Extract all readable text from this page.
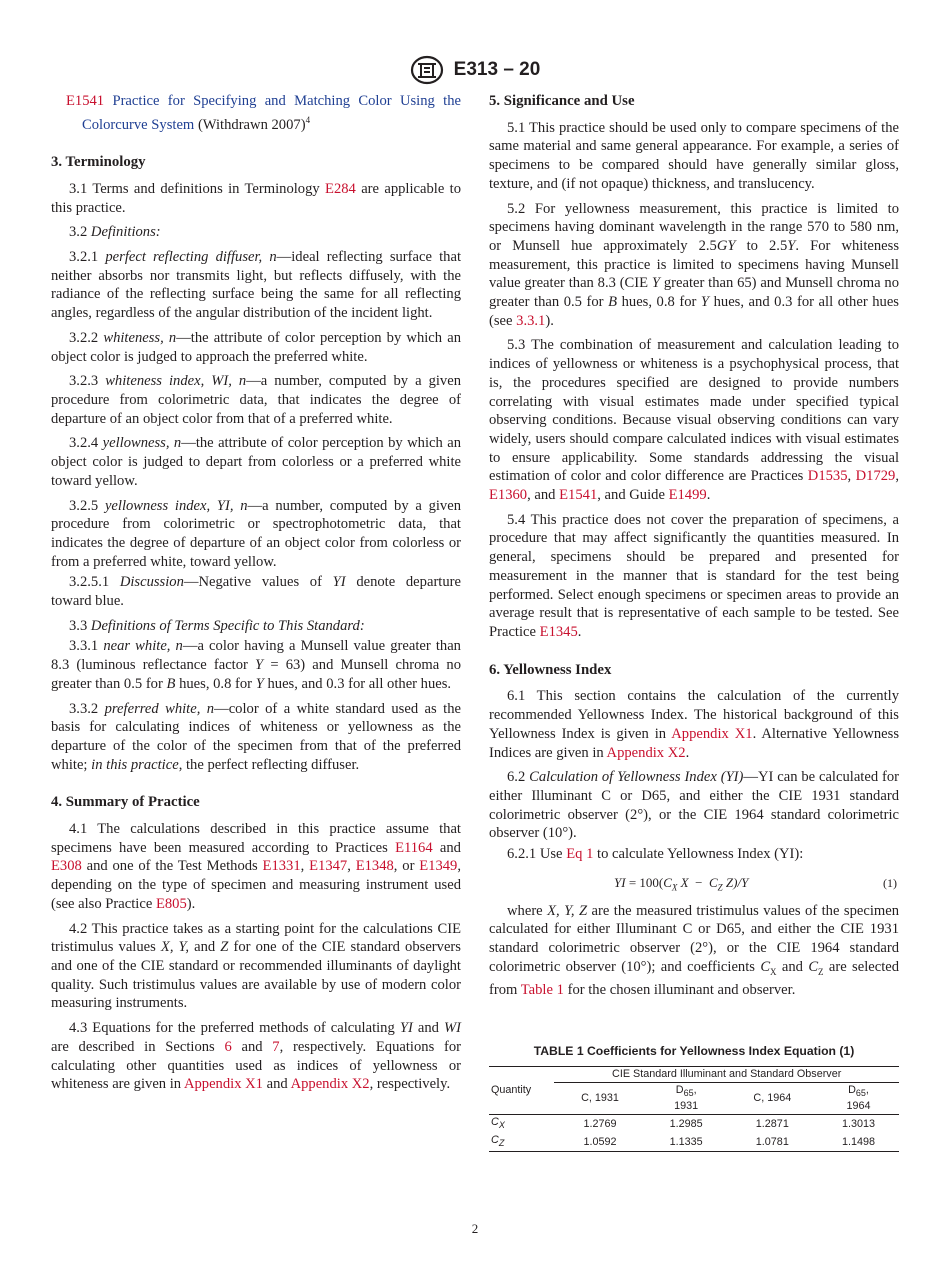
E313 – 20

E1541 Practice for Specifying and Matching Color Using the Colorcurve System (Withdrawn 2007)$^4$

3. Terminology

3.1 Terms and definitions in Terminology E284 are applicable to this practice.

3.2 Definitions:

3.2.1 perfect reflecting diffuser, n—ideal reflecting surface that neither absorbs nor transmits light, but reflects diffusely, with the radiance of the reflecting surface being the same for all reflecting angles, regardless of the angular distribution of the incident light.

3.2.2 whiteness, n—the attribute of color perception by which an object color is judged to approach the preferred white.

3.2.3 whiteness index, WI, n—a number, computed by a given procedure from colorimetric data, that indicates the degree of departure of an object color from that of a preferred white.

3.2.4 yellowness, n—the attribute of color perception by which an object color is judged to depart from colorless or a preferred white toward yellow.

3.2.5 yellowness index, YI, n—a number, computed by a given procedure from colorimetric or spectrophotometric data, that indicates the degree of departure of an object color from colorless or from a preferred white, toward yellow.

3.2.5.1 Discussion—Negative values of YI denote departure toward blue.

3.3 Definitions of Terms Specific to This Standard:

3.3.1 near white, n—a color having a Munsell value greater than 8.3 (luminous reflectance factor Y = 63) and Munsell chroma no greater than 0.5 for B hues, 0.8 for Y hues, and 0.3 for all other hues.

3.3.2 preferred white, n—color of a white standard used as the basis for calculating indices of whiteness or yellowness as the departure of the color of the specimen from that of the preferred white; in this practice, the perfect reflecting diffuser.

4. Summary of Practice

4.1 The calculations described in this practice assume that specimens have been measured according to Practices E1164 and E308 and one of the Test Methods E1331, E1347, E1348, or E1349, depending on the type of specimen and measuring instrument used (see also Practice E805).

4.2 This practice takes as a starting point for the calculations CIE tristimulus values X, Y, and Z for one of the CIE standard observers and one of the CIE standard or recommended illuminants of daylight quality. Such tristimulus values are available by use of modern color measuring instruments.

4.3 Equations for the preferred methods of calculating YI and WI are described in Sections 6 and 7, respectively. Equations for calculating other quantities used as indices of yellowness or whiteness are given in Appendix X1 and Appendix X2, respectively.

5. Significance and Use

5.1 This practice should be used only to compare specimens of the same material and same general appearance. For example, a series of specimens to be compared should have generally similar gloss, texture, and (if not opaque) thickness, and translucency.

5.2 For yellowness measurement, this practice is limited to specimens having dominant wavelength in the range 570 to 580 nm, or Munsell hue approximately 2.5GY to 2.5Y. For whiteness measurement, this practice is limited to specimens having Munsell value greater than 8.3 (CIE Y greater than 65) and Munsell chroma no greater than 0.5 for B hues, 0.8 for Y hues, and 0.3 for all other hues (see 3.3.1).

5.3 The combination of measurement and calculation leading to indices of yellowness or whiteness is a psychophysical process, that is, the procedures specified are designed to provide numbers correlating with visual estimates made under specified typical observing conditions. Because visual observing conditions can vary widely, users should compare calculated indices with visual estimates to ensure applicability. Some standards addressing the visual estimation of color and color difference are Practices D1535, D1729, E1360, and E1541, and Guide E1499.

5.4 This practice does not cover the preparation of specimens, a procedure that may affect significantly the quantities measured. In general, specimens should be prepared and presented for measurement in the manner that is standard for the test being performed. Select enough specimens or specimen areas to provide an average result that is representative of each sample to be tested. See Practice E1345.

6. Yellowness Index

6.1 This section contains the calculation of the currently recommended Yellowness Index. The historical background of this Yellowness Index is given in Appendix X1. Alternative Yellowness Indices are given in Appendix X2.

6.2 Calculation of Yellowness Index (YI)—YI can be calculated for either Illuminant C or D65, and either the CIE 1931 standard colorimetric observer (2°), or the CIE 1964 standard colorimetric observer (10°).

6.2.1 Use Eq 1 to calculate Yellowness Index (YI):

YI = $100(C_X$ $X - C_Z$ Z)/Y	(1)

where X, Y, Z are the measured tristimulus values of the specimen calculated for either Illuminant C or D65, and either the CIE 1931 standard colorimetric observer (2°), or the CIE 1964 standard colorimetric observer (10°); and coefficients $C_X$ and $C_Z$ are selected from Table 1 for the chosen illuminant and observer.

TABLE 1 Coefficients for Yellowness Index Equation (1)
Quantity	CIE Standard Illuminant and Standard Observer			
	C, 1931	$D_{65}$,
1931	C, 1964	$D_{65}$,
1964
$C_X$	1.2769	1.2985	1.2871	1.3013
$C_Z$	1.0592	1.1335	1.0781	1.1498
2
